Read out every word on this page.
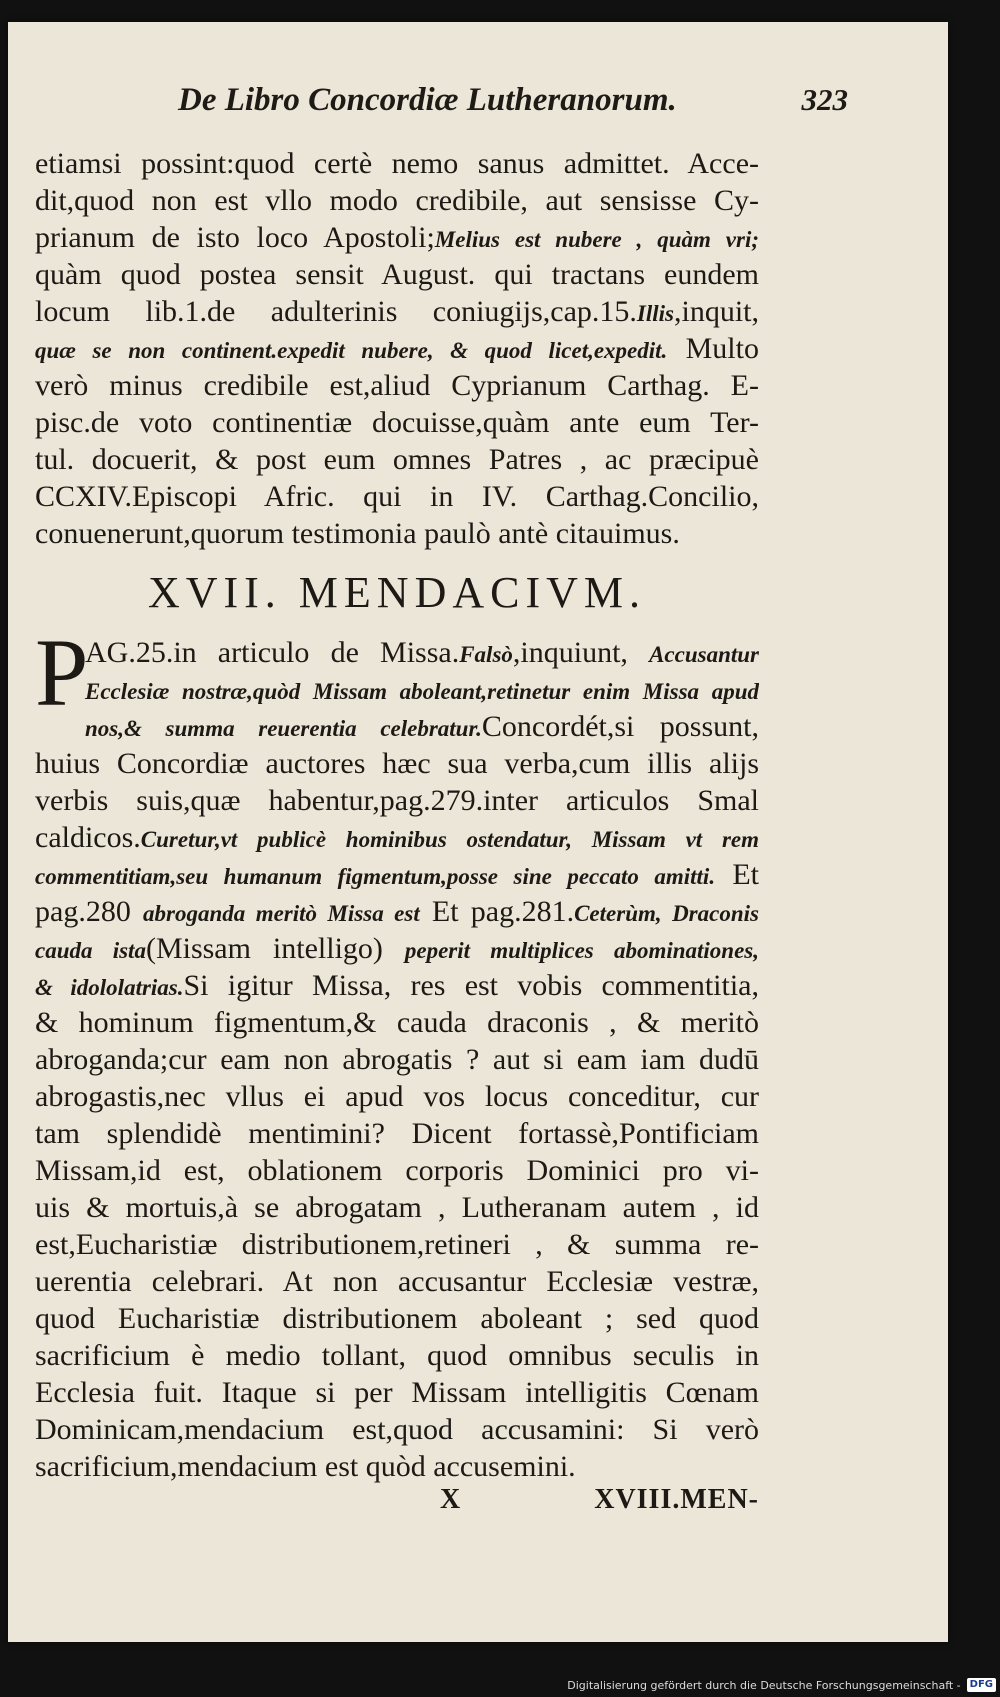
De Libro Concordiæ Lutheranorum.	323
etiamsi possint:quod certè nemo sanus admittet. Acce-
dit,quod non est vllo modo credibile, aut sensisse Cy-
prianum de isto loco Apostoli;Melius est nubere , quàm vri;
quàm quod postea sensit August. qui tractans eundem
locum lib.1.de adulterinis coniugijs,cap.15.Illis,inquit,
quæ se non continent.expedit nubere, & quod licet,expedit. Multo
verò minus credibile est,aliud Cyprianum Carthag. E-
pisc.de voto continentiæ docuisse,quàm ante eum Ter-
tul. docuerit, & post eum omnes Patres , ac præcipuè
CCXIV.Episcopi Afric. qui in IV. Carthag.Concilio,
conuenerunt,quorum testimonia paulò antè citauimus.
XVII. MENDACIVM.
P
AG.25.in articulo de Missa.Falsò,inquiunt, Accusantur
Ecclesiæ nostræ,quòd Missam aboleant,retinetur enim Missa apud
nos,& summa reuerentia celebratur.Concordét,si possunt,
huius Concordiæ auctores hæc sua verba,cum illis alijs
verbis suis,quæ habentur,pag.279.inter articulos Smal
caldicos.Curetur,vt publicè hominibus ostendatur, Missam vt rem
commentitiam,seu humanum figmentum,posse sine peccato amitti. Et
pag.280 abroganda meritò Missa est Et pag.281.Ceterùm, Draconis
cauda ista(Missam intelligo) peperit multiplices abominationes,
& idololatrias.Si igitur Missa, res est vobis commentitia,
& hominum figmentum,& cauda draconis , & meritò
abroganda;cur eam non abrogatis ? aut si eam iam dudū
abrogastis,nec vllus ei apud vos locus conceditur, cur
tam splendidè mentimini? Dicent fortassè,Pontificiam
Missam,id est, oblationem corporis Dominici pro vi-
uis & mortuis,à se abrogatam , Lutheranam autem , id
est,Eucharistiæ distributionem,retineri , & summa re-
uerentia celebrari. At non accusantur Ecclesiæ vestræ,
quod Eucharistiæ distributionem aboleant ; sed quod
sacrificium è medio tollant, quod omnibus seculis in
Ecclesia fuit. Itaque si per Missam intelligitis Cœnam
Dominicam,mendacium est,quod accusamini: Si verò
sacrificium,mendacium est quòd accusemini.
X	XVIII.MEN-
Digitalisierung gefördert durch die Deutsche Forschungsgemeinschaft - DFG
